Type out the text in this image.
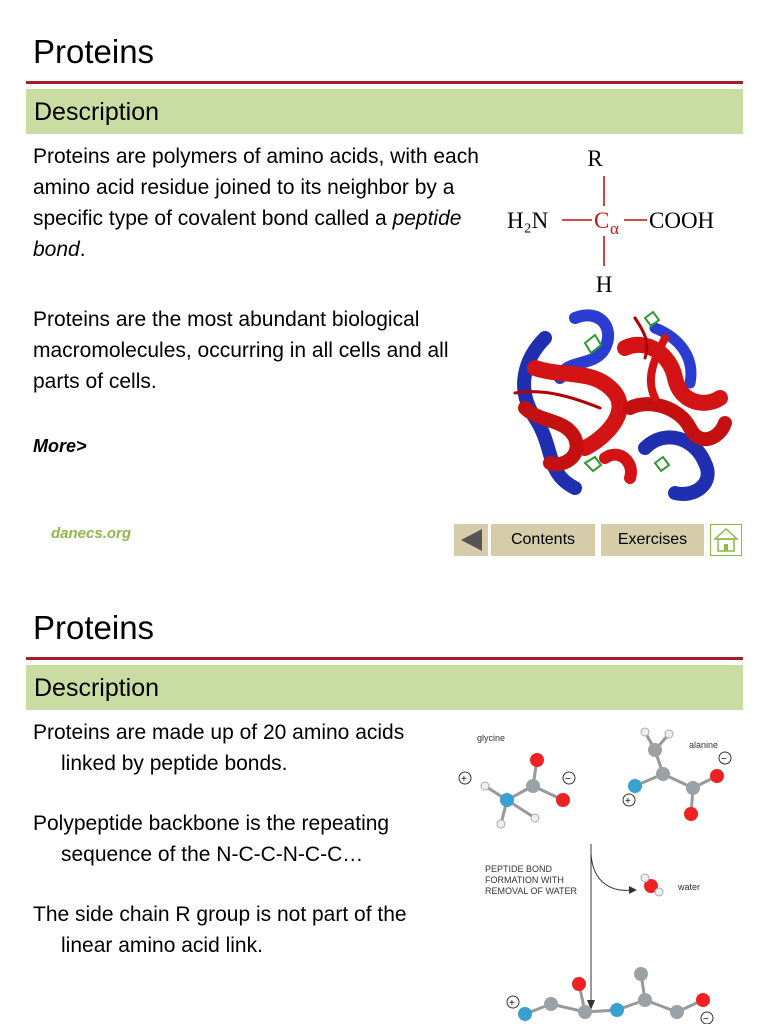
Proteins
Description
Proteins are polymers of amino acids, with each amino acid residue joined to its neighbor by a specific type of covalent bond called a peptide bond.
Proteins are the most abundant biological macromolecules, occurring in all cells and all parts of cells.
More>
R
H₂N	COOH
H
C α
danecs.org	Contents	Exercises
Proteins
Description

Proteins are made up of 20 amino acids linked by peptide bonds.

Polypeptide backbone is the repeating sequence of the N-C-C-N-C-C…

The side chain R group is not part of the linear amino acid link.

glycine
alanine
water
PEPTIDE BOND
FORMATION WITH
REMOVAL OF WATER
+	−
+
−
+
−
